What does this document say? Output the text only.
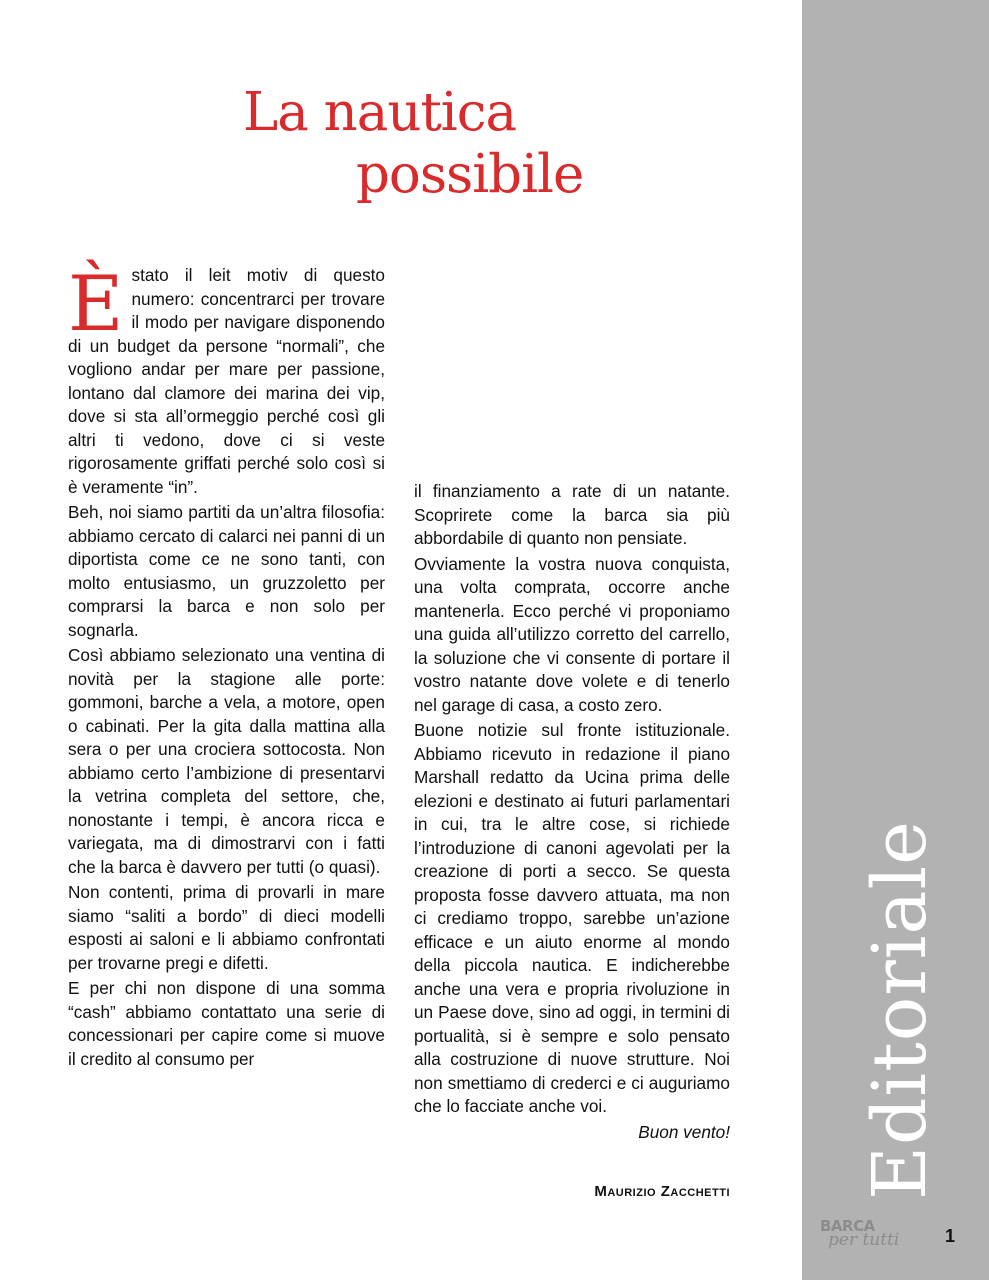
Editoriale
BARCA
per tutti	1
La nautica
possibile

Èstato il leit motiv di questo numero: concentrarci per trovare il modo per navigare disponendo di un budget da persone “normali”, che vogliono andar per mare per passione, lontano dal clamore dei marina dei vip, dove si sta all’ormeggio perché così gli altri ti vedono, dove ci si veste rigorosamente griffati perché solo così si è veramente “in”.

Beh, noi siamo partiti da un’altra filosofia: abbiamo cercato di calarci nei panni di un diportista come ce ne sono tanti, con molto entusiasmo, un gruzzoletto per comprarsi la barca e non solo per sognarla.

Così abbiamo selezionato una ventina di novità per la stagione alle porte: gommoni, barche a vela, a motore, open o cabinati. Per la gita dalla mattina alla sera o per una crociera sottocosta. Non abbiamo certo l’ambizione di presentarvi la vetrina completa del settore, che, nonostante i tempi, è ancora ricca e variegata, ma di dimostrarvi con i fatti che la barca è davvero per tutti (o quasi).

Non contenti, prima di provarli in mare siamo “saliti a bordo” di dieci modelli esposti ai saloni e li abbiamo confrontati per trovarne pregi e difetti.

E per chi non dispone di una somma “cash” abbiamo contattato una serie di concessionari per capire come si muove il credito al consumo per

il finanziamento a rate di un natante. Scoprirete come la barca sia più abbordabile di quanto non pensiate.

Ovviamente la vostra nuova conquista, una volta comprata, occorre anche mantenerla. Ecco perché vi proponiamo una guida all’utilizzo corretto del carrello, la soluzione che vi consente di portare il vostro natante dove volete e di tenerlo nel garage di casa, a costo zero.

Buone notizie sul fronte istituzionale. Abbiamo ricevuto in redazione il piano Marshall redatto da Ucina prima delle elezioni e destinato ai futuri parlamentari in cui, tra le altre cose, si richiede l’introduzione di canoni agevolati per la creazione di porti a secco. Se questa proposta fosse davvero attuata, ma non ci crediamo troppo, sarebbe un’azione efficace e un aiuto enorme al mondo della piccola nautica. E indicherebbe anche una vera e propria rivoluzione in un Paese dove, sino ad oggi, in termini di portualità, si è sempre e solo pensato alla costruzione di nuove strutture. Noi non smettiamo di crederci e ci auguriamo che lo facciate anche voi.

Buon vento!

Maurizio Zacchetti
